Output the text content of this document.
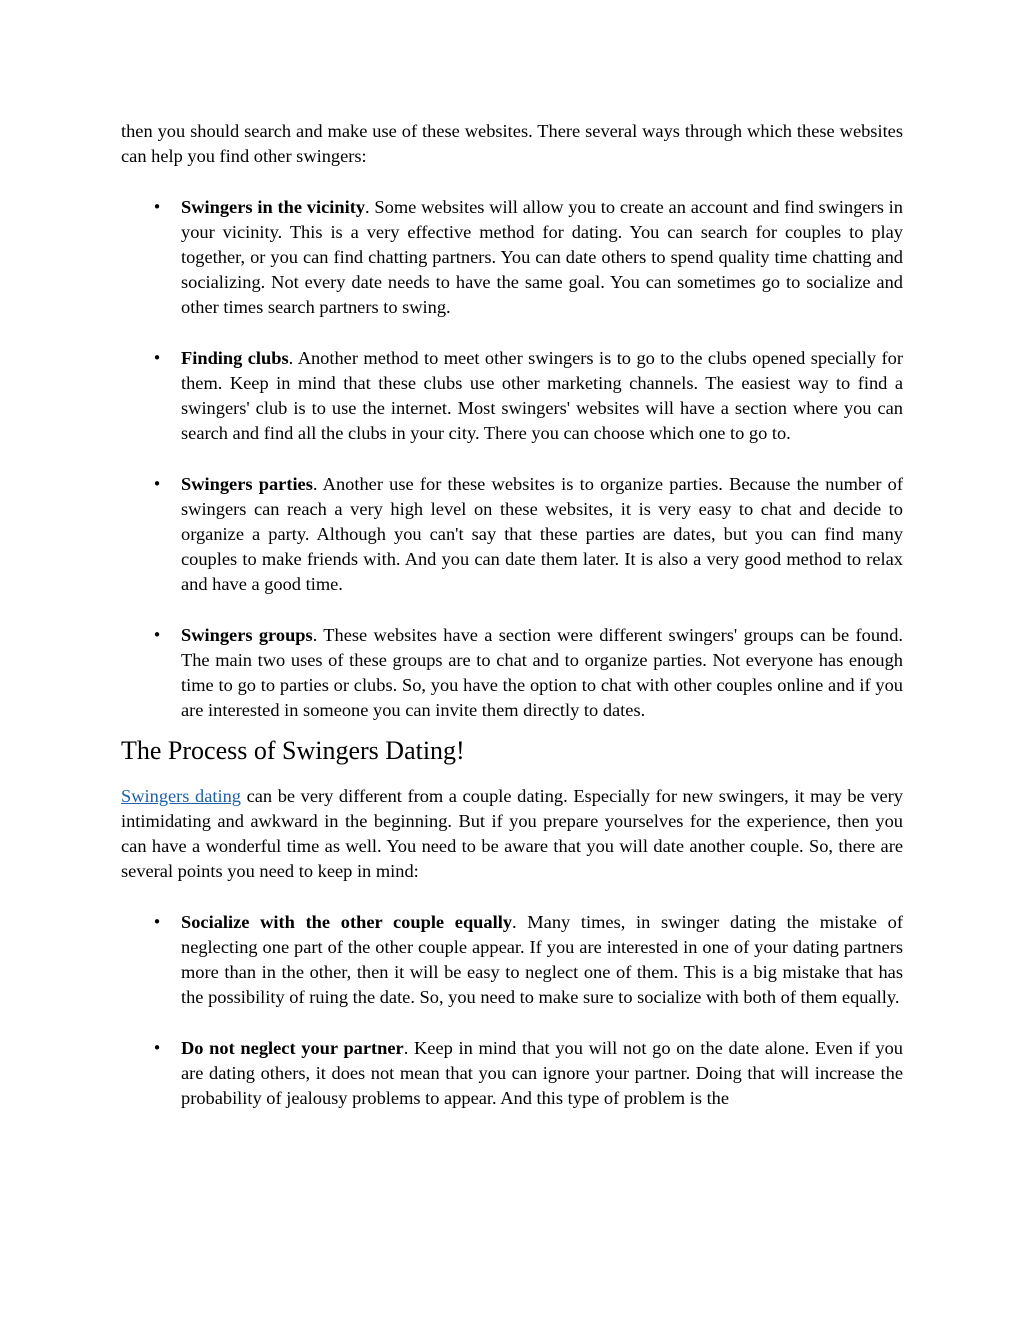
then you should search and make use of these websites. There several ways through which these websites can help you find other swingers:

• Swingers in the vicinity. Some websites will allow you to create an account and find swingers in your vicinity. This is a very effective method for dating. You can search for couples to play together, or you can find chatting partners. You can date others to spend quality time chatting and socializing. Not every date needs to have the same goal. You can sometimes go to socialize and other times search partners to swing.
• Finding clubs. Another method to meet other swingers is to go to the clubs opened specially for them. Keep in mind that these clubs use other marketing channels. The easiest way to find a swingers' club is to use the internet. Most swingers' websites will have a section where you can search and find all the clubs in your city. There you can choose which one to go to.
• Swingers parties. Another use for these websites is to organize parties. Because the number of swingers can reach a very high level on these websites, it is very easy to chat and decide to organize a party. Although you can't say that these parties are dates, but you can find many couples to make friends with. And you can date them later. It is also a very good method to relax and have a good time.
• Swingers groups. These websites have a section were different swingers' groups can be found. The main two uses of these groups are to chat and to organize parties. Not everyone has enough time to go to parties or clubs. So, you have the option to chat with other couples online and if you are interested in someone you can invite them directly to dates.
The Process of Swingers Dating!

Swingers dating can be very different from a couple dating. Especially for new swingers, it may be very intimidating and awkward in the beginning. But if you prepare yourselves for the experience, then you can have a wonderful time as well. You need to be aware that you will date another couple. So, there are several points you need to keep in mind:

• Socialize with the other couple equally. Many times, in swinger dating the mistake of neglecting one part of the other couple appear. If you are interested in one of your dating partners more than in the other, then it will be easy to neglect one of them. This is a big mistake that has the possibility of ruing the date. So, you need to make sure to socialize with both of them equally.
• Do not neglect your partner. Keep in mind that you will not go on the date alone. Even if you are dating others, it does not mean that you can ignore your partner. Doing that will increase the probability of jealousy problems to appear. And this type of problem is the
